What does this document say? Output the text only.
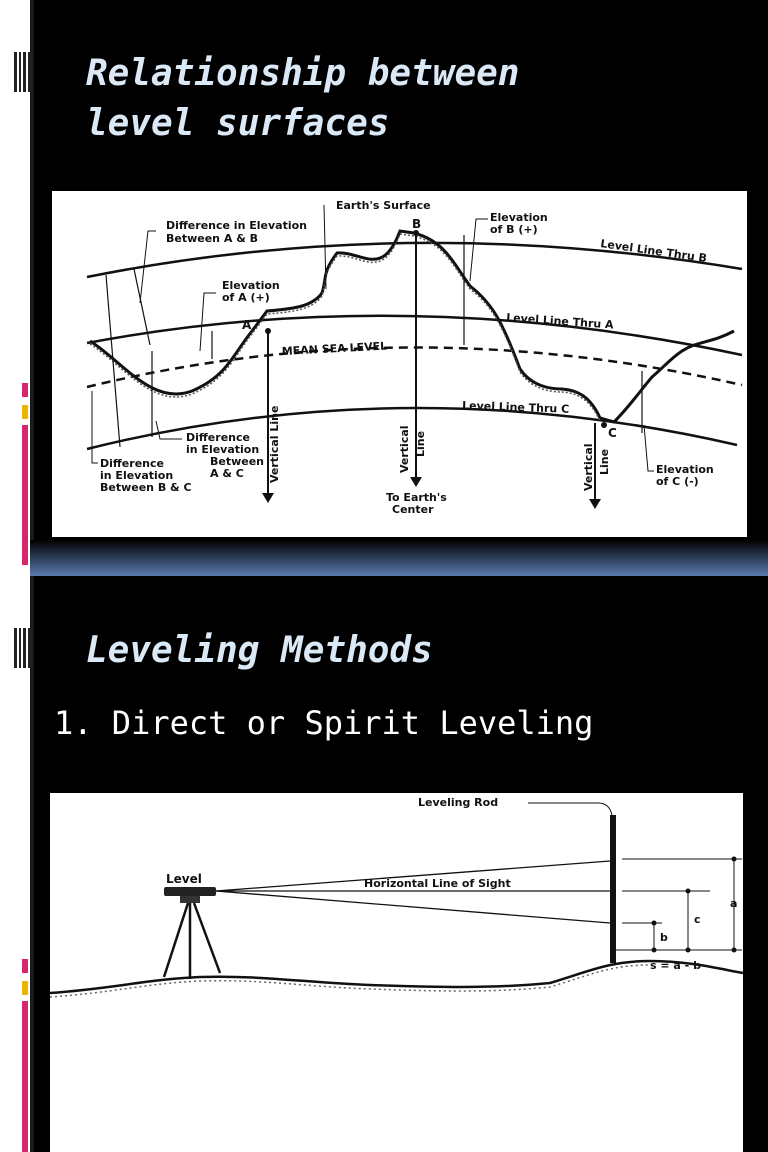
Relationship between
level surfaces
Difference in Elevation
Between A & B
Earth's Surface
B	Elevation
of B (+)
Level Line Thru B
Elevation
of A (+)
A	Level Line Thru A
MEAN SEA LEVEL
Level Line Thru C
C
Difference
in Elevation
Between
A & C
Difference
in Elevation
Between B & C
Vertical Line	Vertical Line
To Earth's
Center
Vertical Line	Elevation
of C (-)
Leveling Methods

1. Direct or Spirit Leveling

Leveling Rod
Level	Horizontal Line of Sight
a
c
b
s = a - b
